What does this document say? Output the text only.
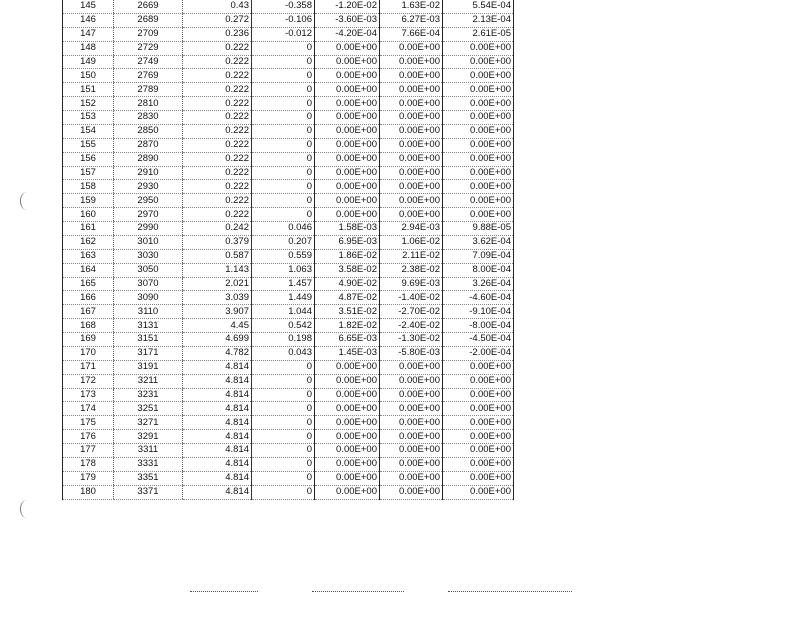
145	2669	0.43	-0.358	-1.20E-02	1.63E-02	5.54E-04
146	2689	0.272	-0.106	-3.60E-03	6.27E-03	2.13E-04
147	2709	0.236	-0.012	-4.20E-04	7.66E-04	2.61E-05
148	2729	0.222	0	0.00E+00	0.00E+00	0.00E+00
149	2749	0.222	0	0.00E+00	0.00E+00	0.00E+00
150	2769	0.222	0	0.00E+00	0.00E+00	0.00E+00
151	2789	0.222	0	0.00E+00	0.00E+00	0.00E+00
152	2810	0.222	0	0.00E+00	0.00E+00	0.00E+00
153	2830	0.222	0	0.00E+00	0.00E+00	0.00E+00
154	2850	0.222	0	0.00E+00	0.00E+00	0.00E+00
155	2870	0.222	0	0.00E+00	0.00E+00	0.00E+00
156	2890	0.222	0	0.00E+00	0.00E+00	0.00E+00
157	2910	0.222	0	0.00E+00	0.00E+00	0.00E+00
158	2930	0.222	0	0.00E+00	0.00E+00	0.00E+00
159	2950	0.222	0	0.00E+00	0.00E+00	0.00E+00
160	2970	0.222	0	0.00E+00	0.00E+00	0.00E+00
161	2990	0.242	0.046	1.58E-03	2.94E-03	9.88E-05
162	3010	0.379	0.207	6.95E-03	1.06E-02	3.62E-04
163	3030	0.587	0.559	1.86E-02	2.11E-02	7.09E-04
164	3050	1.143	1.063	3.58E-02	2.38E-02	8.00E-04
165	3070	2.021	1.457	4.90E-02	9.69E-03	3.26E-04
166	3090	3.039	1.449	4.87E-02	-1.40E-02	-4.60E-04
167	3110	3.907	1.044	3.51E-02	-2.70E-02	-9.10E-04
168	3131	4.45	0.542	1.82E-02	-2.40E-02	-8.00E-04
169	3151	4.699	0.198	6.65E-03	-1.30E-02	-4.50E-04
170	3171	4.782	0.043	1.45E-03	-5.80E-03	-2.00E-04
171	3191	4.814	0	0.00E+00	0.00E+00	0.00E+00
172	3211	4.814	0	0.00E+00	0.00E+00	0.00E+00
173	3231	4.814	0	0.00E+00	0.00E+00	0.00E+00
174	3251	4.814	0	0.00E+00	0.00E+00	0.00E+00
175	3271	4.814	0	0.00E+00	0.00E+00	0.00E+00
176	3291	4.814	0	0.00E+00	0.00E+00	0.00E+00
177	3311	4.814	0	0.00E+00	0.00E+00	0.00E+00
178	3331	4.814	0	0.00E+00	0.00E+00	0.00E+00
179	3351	4.814	0	0.00E+00	0.00E+00	0.00E+00
180	3371	4.814	0	0.00E+00	0.00E+00	0.00E+00
